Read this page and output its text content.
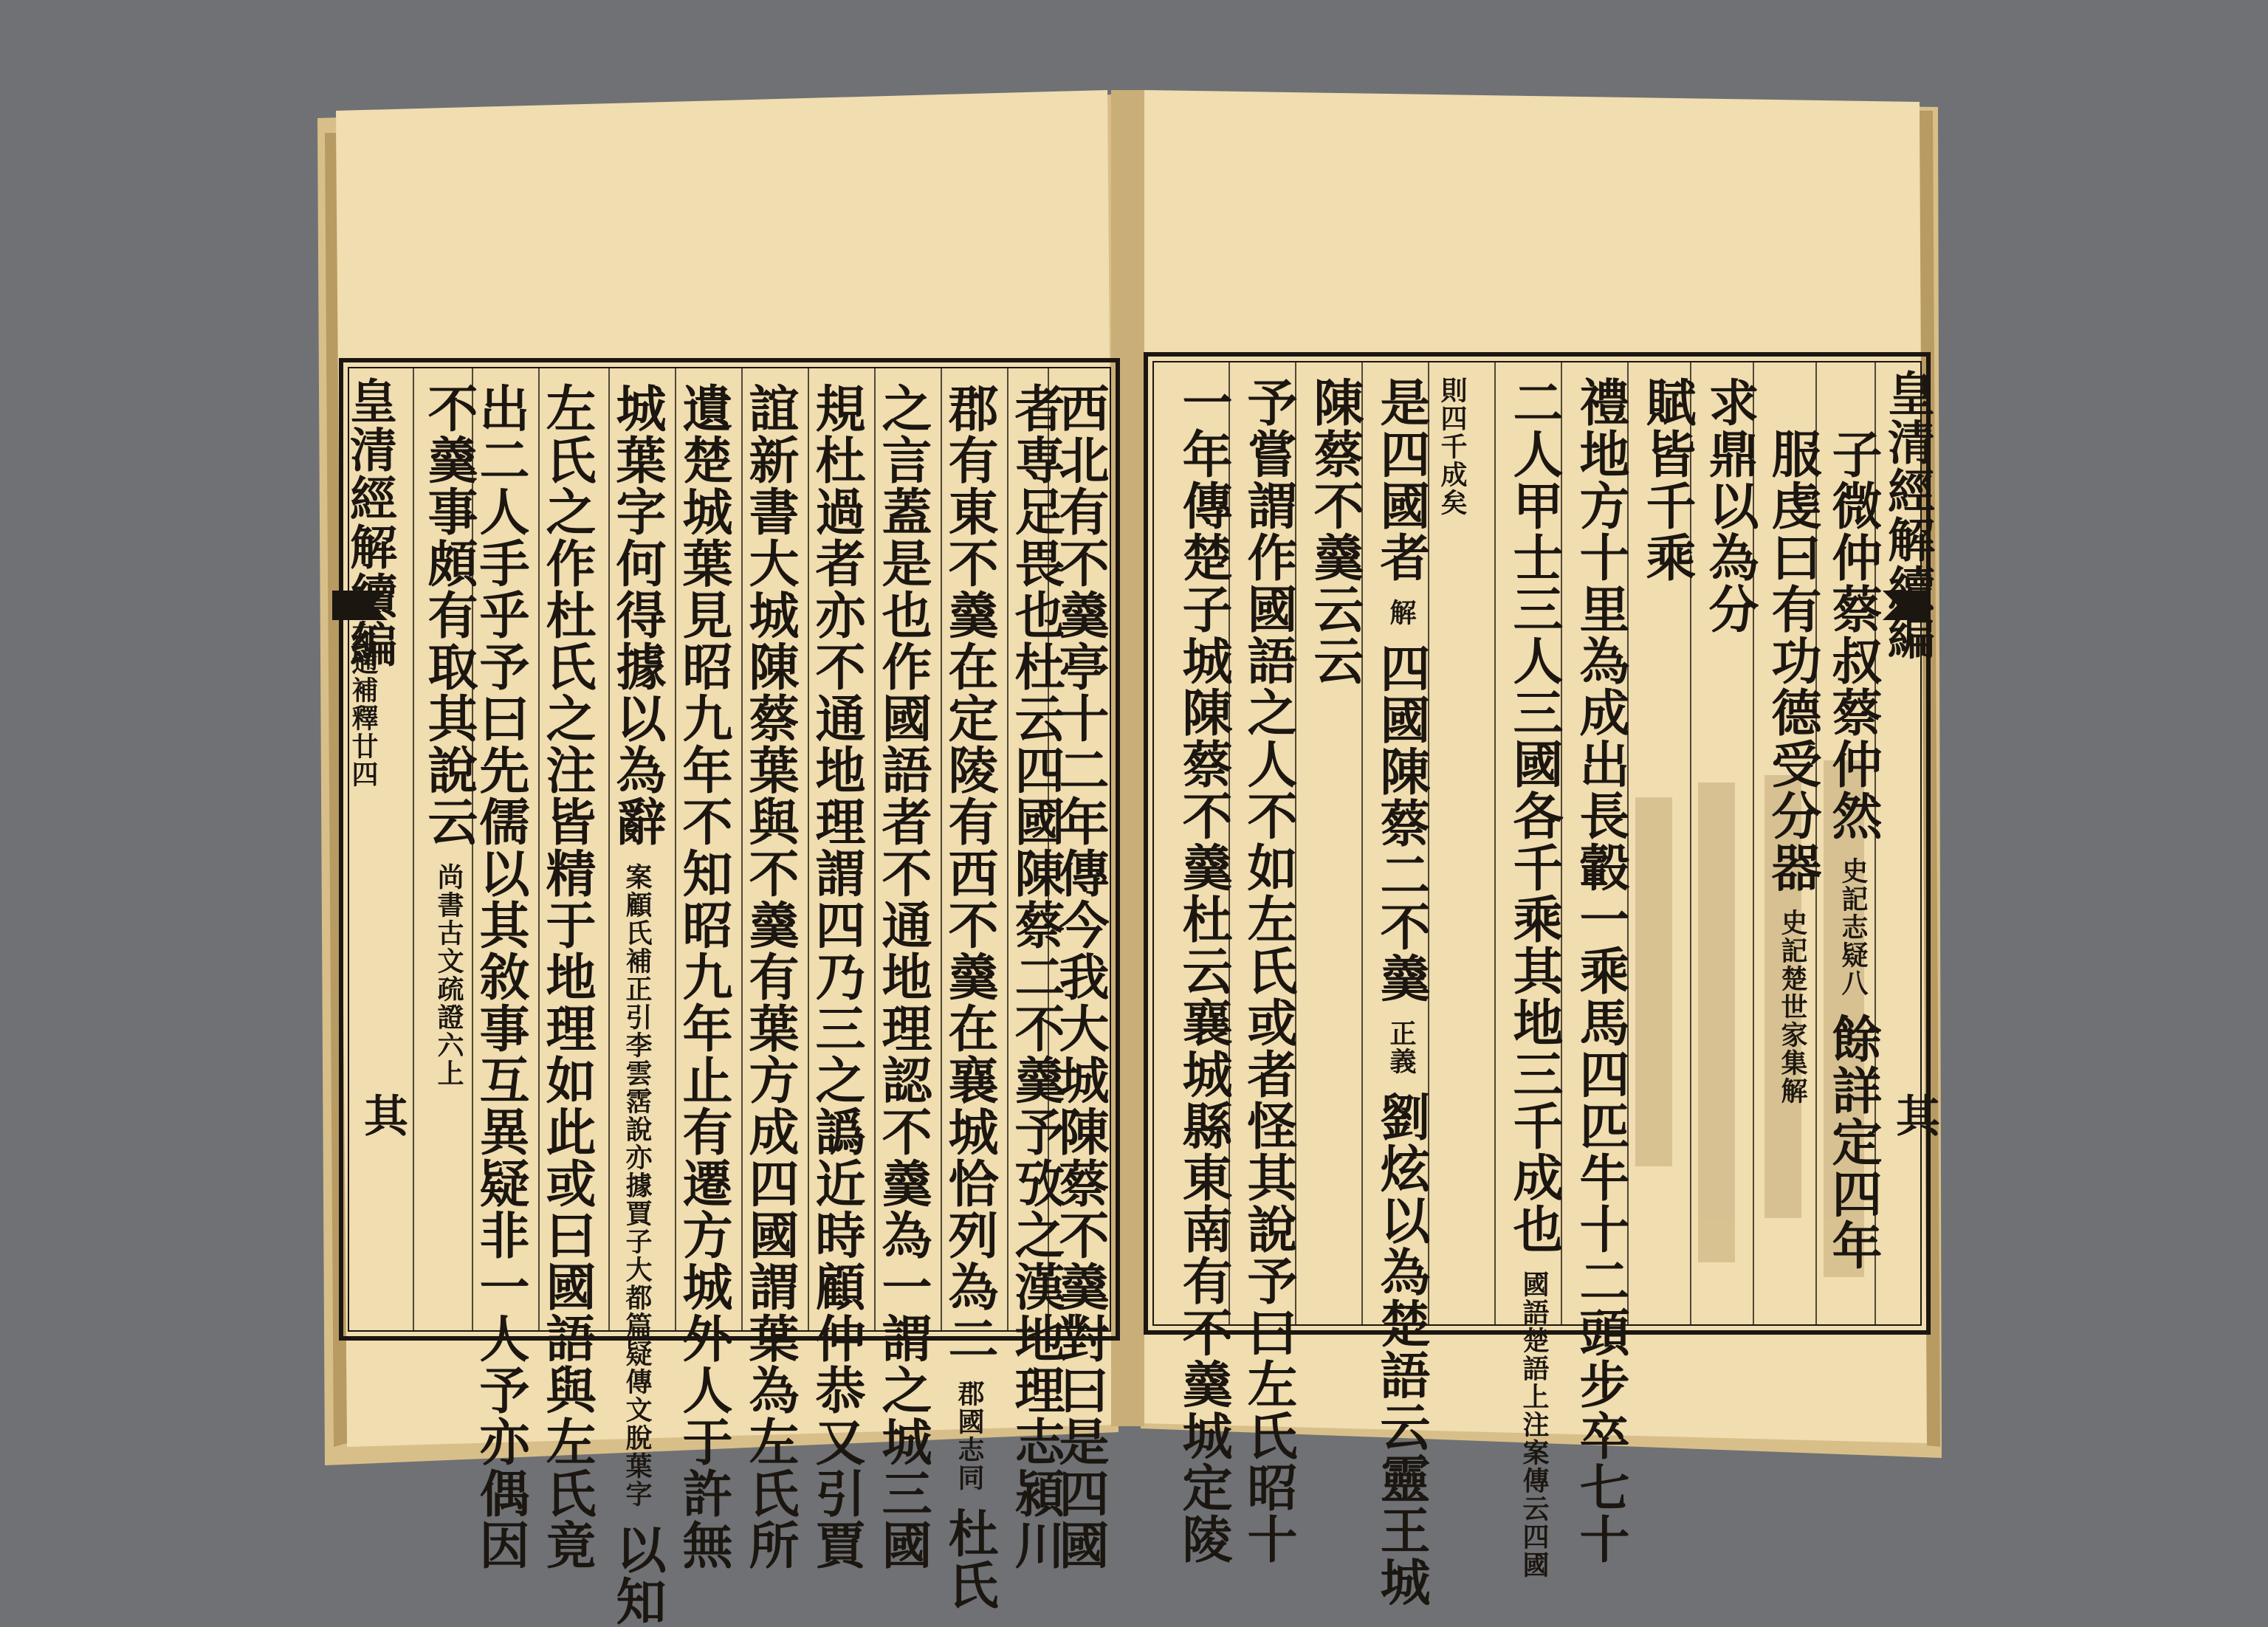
皇清經解續編
左通補釋廿四
其
不羹事頗有取其說云 尚書古文疏證六上 出二人手乎予曰先儒以其敘事互異疑非一人予亦偶因 左氏之作杜氏之注皆精于地理如此或曰國語與左氏竟 城葉字何得據以為辭 案顧氏補正引李雲霑說亦據賈子大都篇疑傳文脫葉字 以知
遺楚城葉見昭九年不知昭九年止有遷方城外人于許無 誼新書大城陳蔡葉與不羹有葉方成四國謂葉為左氏所 規杜過者亦不通地理謂四乃三之譌近時顧仲恭又引賈 之言蓋是也作國語者不通地理認不羹為一謂之城三國 郡有東不羹在定陵有西不羹在襄城恰列為二 郡國志同 杜氏 者専足畏也杜云四國陳蔡二不羹予攷之漢地理志潁川
西北有不羹亭十二年傳今我大城陳蔡不羹對曰是四國	皇清經解續編
其
一年傳楚子城陳蔡不羹杜云襄城縣東南有不羹城定陵 予嘗謂作國語之人不如左氏或者怪其說予曰左氏昭十 陳蔡不羹云云 是四國者 解 四國陳蔡二不羹 正義 劉炫以為楚語云靈王城
則四千成矣 二人甲士三人三國各千乘其地三千成也 國語楚語上注案傳云四國 禮地方十里為成出長轂一乘馬四匹牛十二頭步卒七十 賦皆千乘 求鼎以為分 服虔曰有功德受分器 史記楚世家集解
子微仲蔡叔蔡仲然 史記志疑八 餘詳定四年
